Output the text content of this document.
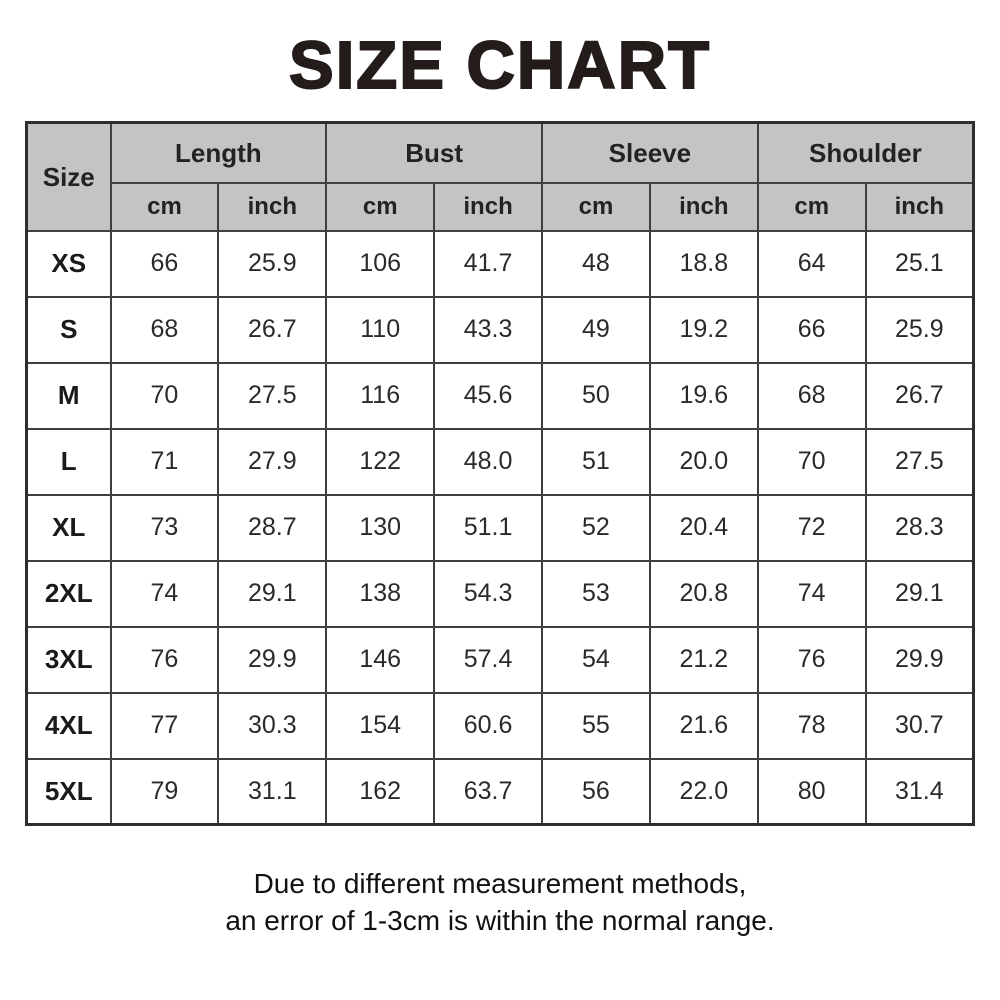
SIZE CHART
Size	Length		Bust		Sleeve		Shoulder	
	cm	inch	cm	inch	cm	inch	cm	inch
XS	66	25.9	106	41.7	48	18.8	64	25.1
S	68	26.7	110	43.3	49	19.2	66	25.9
M	70	27.5	116	45.6	50	19.6	68	26.7
L	71	27.9	122	48.0	51	20.0	70	27.5
XL	73	28.7	130	51.1	52	20.4	72	28.3
2XL	74	29.1	138	54.3	53	20.8	74	29.1
3XL	76	29.9	146	57.4	54	21.2	76	29.9
4XL	77	30.3	154	60.6	55	21.6	78	30.7
5XL	79	31.1	162	63.7	56	22.0	80	31.4
Due to different measurement methods,
an error of 1-3cm is within the normal range.
